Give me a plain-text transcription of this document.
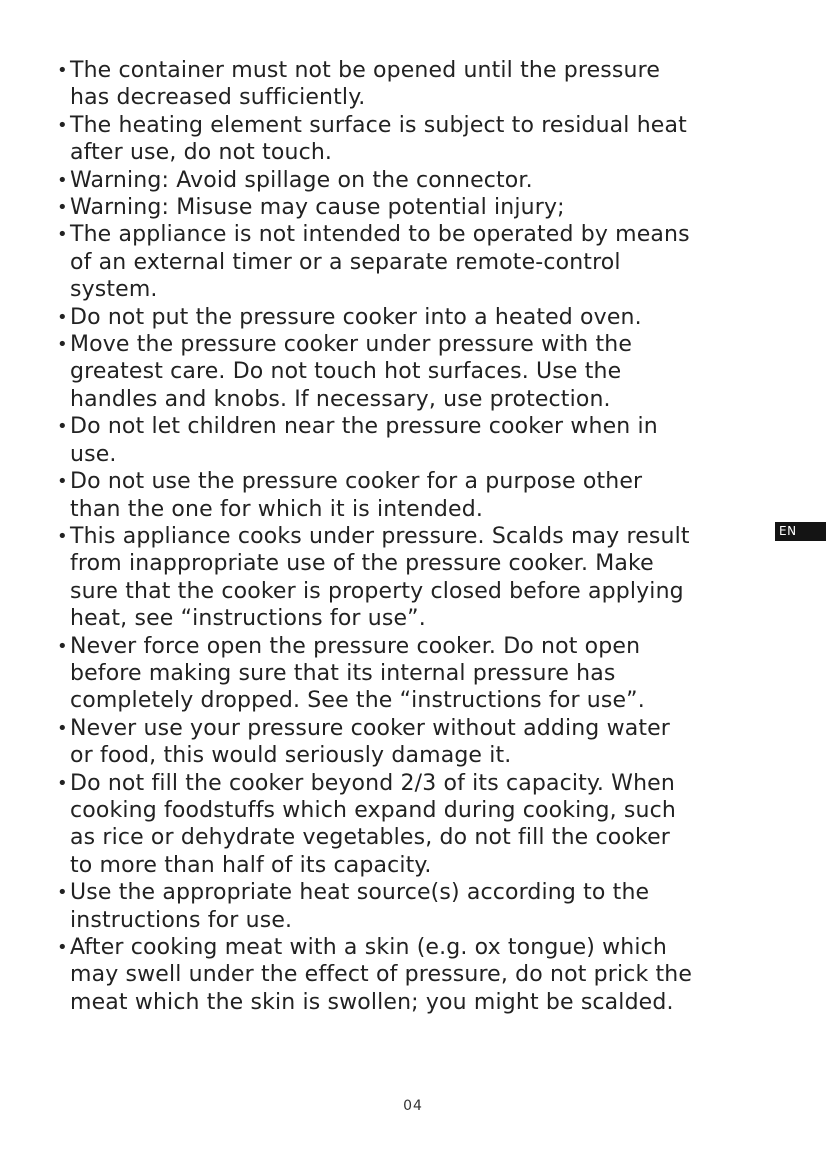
• The container must not be opened until the pressure
has decreased sufficiently.
• The heating element surface is subject to residual heat
after use, do not touch.
• Warning: Avoid spillage on the connector.
• Warning: Misuse may cause potential injury;
• The appliance is not intended to be operated by means
of an external timer or a separate remote-control
system.
• Do not put the pressure cooker into a heated oven.
• Move the pressure cooker under pressure with the
greatest care. Do not touch hot surfaces. Use the
handles and knobs. If necessary, use protection.
• Do not let children near the pressure cooker when in
use.
• Do not use the pressure cooker for a purpose other
than the one for which it is intended.
• This appliance cooks under pressure. Scalds may result
from inappropriate use of the pressure cooker. Make
sure that the cooker is property closed before applying
heat, see “instructions for use”.
• Never force open the pressure cooker. Do not open
before making sure that its internal pressure has
completely dropped. See the “instructions for use”.
• Never use your pressure cooker without adding water
or food, this would seriously damage it.
• Do not fill the cooker beyond 2/3 of its capacity. When
cooking foodstuffs which expand during cooking, such
as rice or dehydrate vegetables, do not fill the cooker
to more than half of its capacity.
• Use the appropriate heat source(s) according to the
instructions for use.
• After cooking meat with a skin (e.g. ox tongue) which
may swell under the effect of pressure, do not prick the
meat which the skin is swollen; you might be scalded.
EN
04
